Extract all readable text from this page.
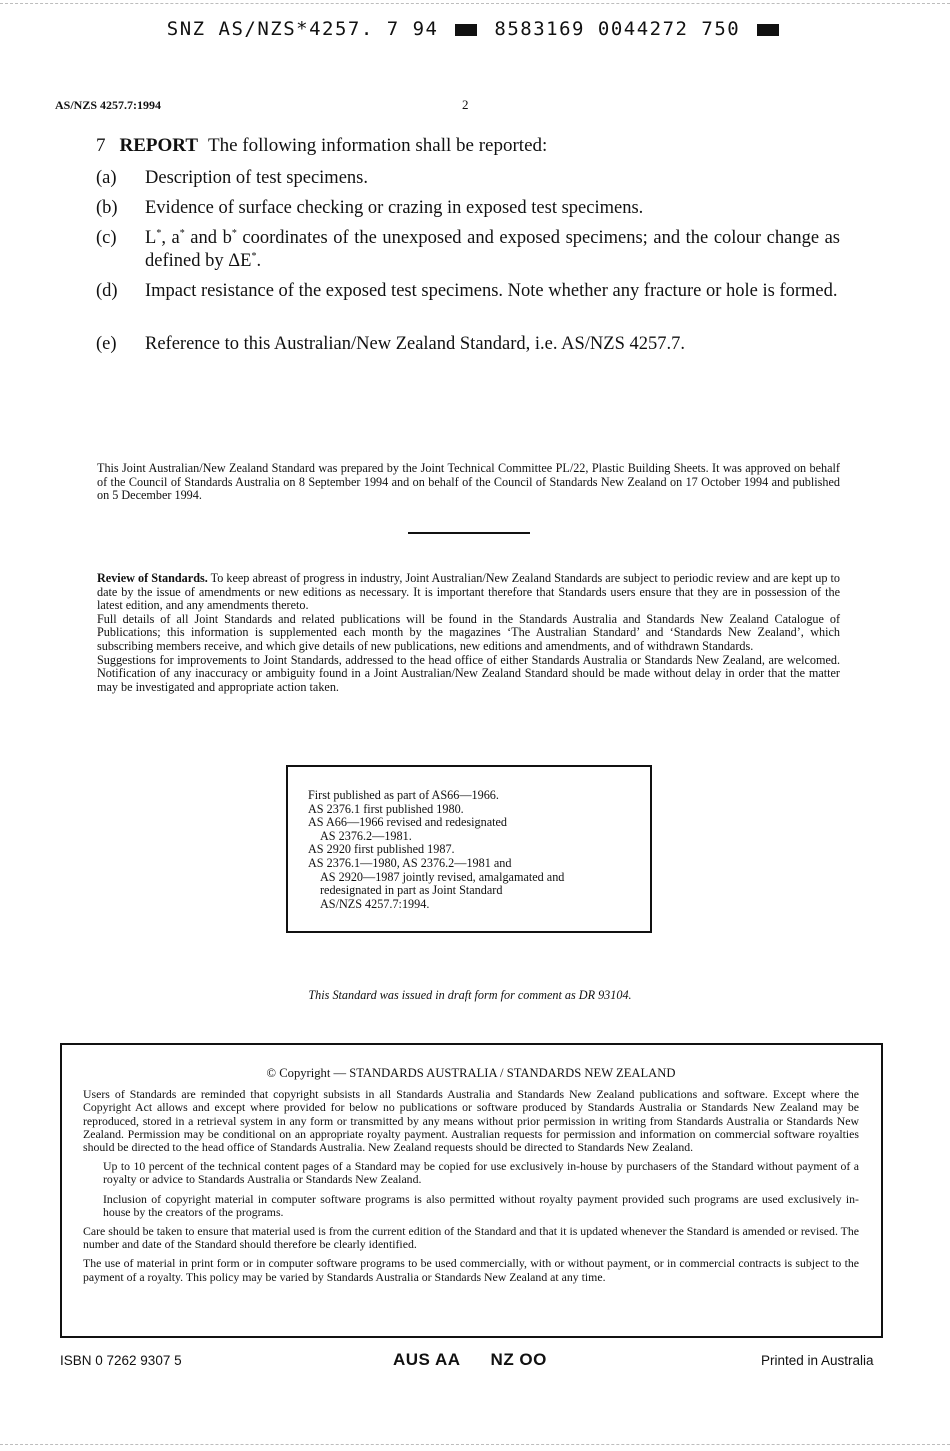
SNZ AS/NZS*4257. 7 94	8583169 0044272 750
AS/NZS 4257.7:1994	2
7 REPORT The following information shall be reported:
(a) Description of test specimens.
(b) Evidence of surface checking or crazing in exposed test specimens.
(c) L*, a* and b* coordinates of the unexposed and exposed specimens; and the colour change as defined by ΔE*.
(d) Impact resistance of the exposed test specimens. Note whether any fracture or hole is formed.
(e) Reference to this Australian/New Zealand Standard, i.e. AS/NZS 4257.7.
This Joint Australian/New Zealand Standard was prepared by the Joint Technical Committee PL/22, Plastic Building Sheets. It was approved on behalf of the Council of Standards Australia on 8 September 1994 and on behalf of the Council of Standards New Zealand on 17 October 1994 and published on 5 December 1994.

Review of Standards. To keep abreast of progress in industry, Joint Australian/New Zealand Standards are subject to periodic review and are kept up to date by the issue of amendments or new editions as necessary. It is important therefore that Standards users ensure that they are in possession of the latest edition, and any amendments thereto.

Full details of all Joint Standards and related publications will be found in the Standards Australia and Standards New Zealand Catalogue of Publications; this information is supplemented each month by the magazines ‘The Australian Standard’ and ‘Standards New Zealand’, which subscribing members receive, and which give details of new publications, new editions and amendments, and of withdrawn Standards.

Suggestions for improvements to Joint Standards, addressed to the head office of either Standards Australia or Standards New Zealand, are welcomed. Notification of any inaccuracy or ambiguity found in a Joint Australian/New Zealand Standard should be made without delay in order that the matter may be investigated and appropriate action taken.

First published as part of AS66—1966.
AS 2376.1 first published 1980.
AS A66—1966 revised and redesignated
AS 2376.2—1981.
AS 2920 first published 1987.
AS 2376.1—1980, AS 2376.2—1981 and
AS 2920—1987 jointly revised, amalgamated and
redesignated in part as Joint Standard
AS/NZS 4257.7:1994.
This Standard was issued in draft form for comment as DR 93104.
© Copyright — STANDARDS AUSTRALIA / STANDARDS NEW ZEALAND

Users of Standards are reminded that copyright subsists in all Standards Australia and Standards New Zealand publications and software. Except where the Copyright Act allows and except where provided for below no publications or software produced by Standards Australia or Standards New Zealand may be reproduced, stored in a retrieval system in any form or transmitted by any means without prior permission in writing from Standards Australia or Standards New Zealand. Permission may be conditional on an appropriate royalty payment. Australian requests for permission and information on commercial software royalties should be directed to the head office of Standards Australia. New Zealand requests should be directed to Standards New Zealand.

Up to 10 percent of the technical content pages of a Standard may be copied for use exclusively in-house by purchasers of the Standard without payment of a royalty or advice to Standards Australia or Standards New Zealand.

Inclusion of copyright material in computer software programs is also permitted without royalty payment provided such programs are used exclusively in-house by the creators of the programs.

Care should be taken to ensure that material used is from the current edition of the Standard and that it is updated whenever the Standard is amended or revised. The number and date of the Standard should therefore be clearly identified.

The use of material in print form or in computer software programs to be used commercially, with or without payment, or in commercial contracts is subject to the payment of a royalty. This policy may be varied by Standards Australia or Standards New Zealand at any time.

ISBN 0 7262 9307 5	AUS AA NZ OO	Printed in Australia
